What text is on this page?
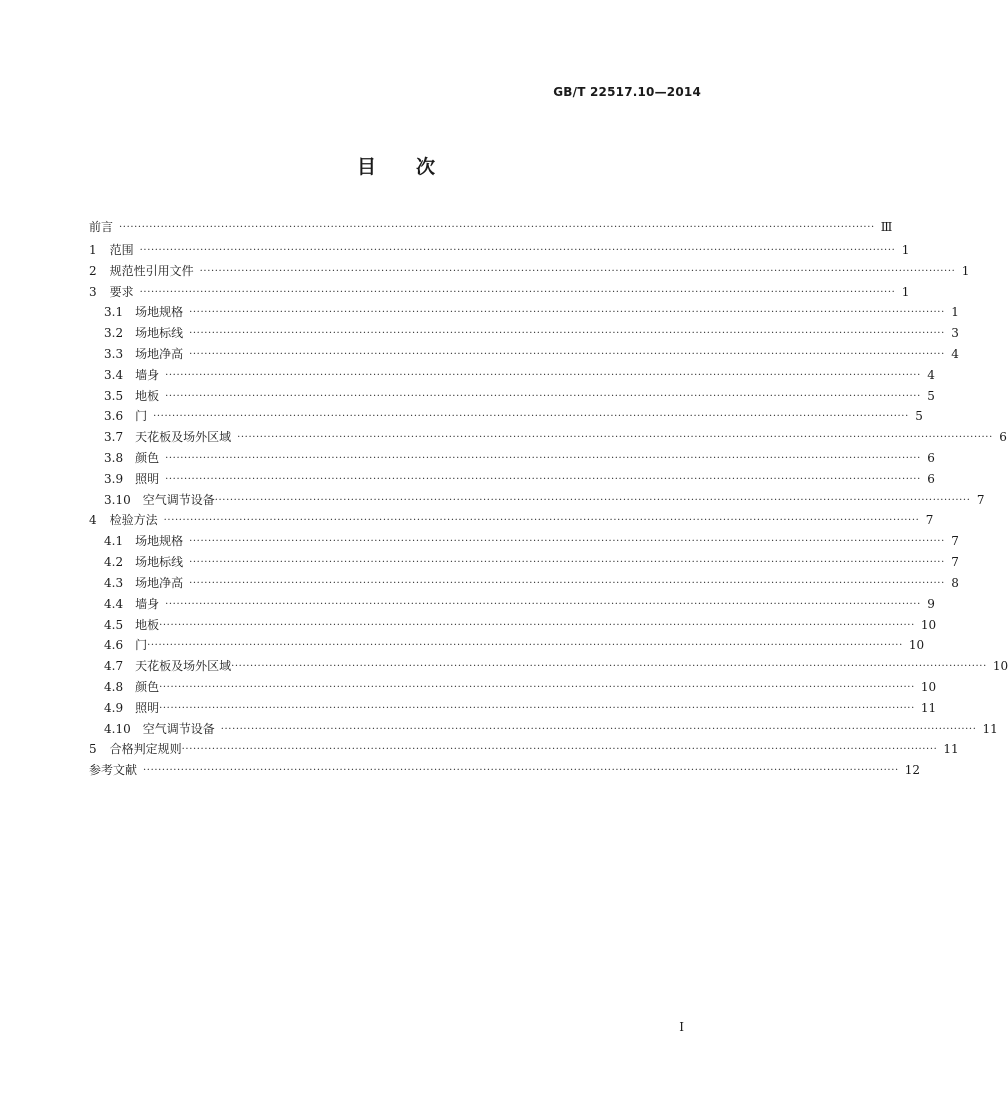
GB/T 22517.10—2014
目 次
前言 ········································································································································································································ Ⅲ
1 范围 ········································································································································································································ 1
2 规范性引用文件 ········································································································································································································ 1
3 要求 ········································································································································································································ 1
3.1 场地规格 ········································································································································································································ 1
3.2 场地标线 ········································································································································································································ 3
3.3 场地净高 ········································································································································································································ 4
3.4 墙身 ········································································································································································································ 4
3.5 地板 ········································································································································································································ 5
3.6 门 ········································································································································································································ 5
3.7 天花板及场外区域 ········································································································································································································ 6
3.8 颜色 ········································································································································································································ 6
3.9 照明 ········································································································································································································ 6
3.10 空气调节设备 ········································································································································································································ 7
4 检验方法 ········································································································································································································ 7
4.1 场地规格 ········································································································································································································ 7
4.2 场地标线 ········································································································································································································ 7
4.3 场地净高 ········································································································································································································ 8
4.4 墙身 ········································································································································································································ 9
4.5 地板 ········································································································································································································ 10
4.6 门 ········································································································································································································ 10
4.7 天花板及场外区域 ········································································································································································································ 10
4.8 颜色 ········································································································································································································ 10
4.9 照明 ········································································································································································································ 11
4.10 空气调节设备 ········································································································································································································ 11
5 合格判定规则 ········································································································································································································ 11
参考文献 ········································································································································································································ 12
I
